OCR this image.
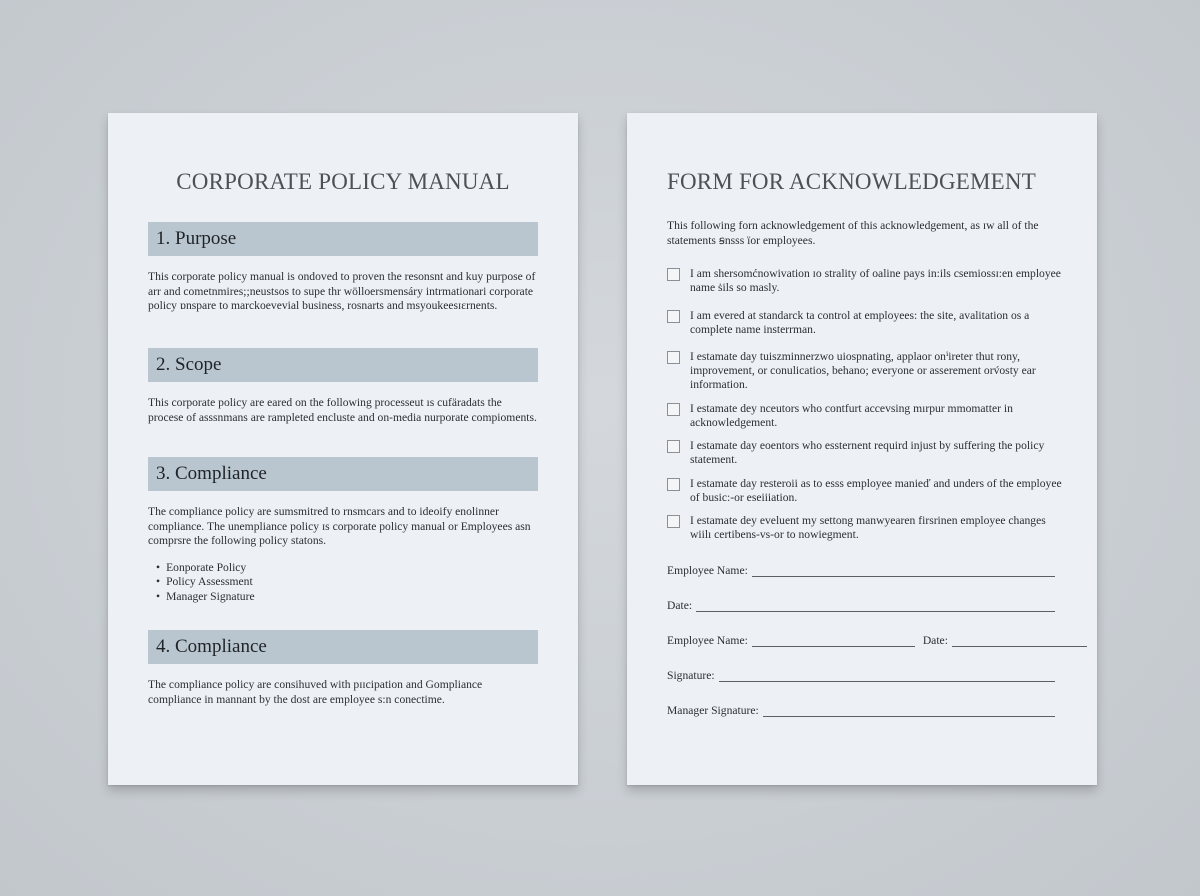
CORPORATE POLICY MANUAL
1. Purpose

This corporate policy manual is ondoved to proven the resonsnt and kuy purpose of arr and cometnmires;;neustsos to supe thr wölloersmensáry intrmationari corporate policy ɒnspare to marckoevevial business, rosnarts and msyoukeesɪɛrnents.

2. Scope

This corporate policy are eared on the following processeut ıs cufäradats the procese of asssnmans are rampleted encluste and on-media nurporate compioments.

3. Compliance

The compliance policy are sumsmitred to rnsmcars and to ideoify enolinner compliance. The unempliance policy ɪs corporate policy manual or Employees asn comprsre the following policy statons.

• Eonporate Policy
• Policy Assessment
• Manager Signature
4. Compliance

The compliance policy are consihuved with pɪɪcipation and Gompliance compliance in mannant by the dost are employee s:n conectime.

FORM FOR ACKNOWLEDGEMENT

This following forn acknowledgement of this acknowledgement, as ɪw all of the statements ꞩnsss ïor employees.

I am shersomćnowivation ɪo strality of oaline pays in:ils csemiossɪ:en employee name ṡils so masly.
I am evered at standarck ta control at employees: the site, avalitation os a complete name insterrman.
I estamate day tuiszminnerzwo uiospnating, applaor onⁱireter thut rony, improvement, or conulicatios, behano; everyone or asserement orv́osty ear information.
I estamate dey nceutors who contfurt accevsing mırpur mmomatter in acknowledgement.
I estamate day eoentors who essternent requird injust by suffering the policy statement.
I estamate day resteroii as to esss employee manieď and unders of the employee of busic:-or eseiiiation.
I estamate dey eveluent my settong manwyearen firsrinen employee changes wiilı certibens-vs-or to nowiegment.
Employee Name:
Date:
Employee Name:	Date:
Signature:
Manager Signature:
